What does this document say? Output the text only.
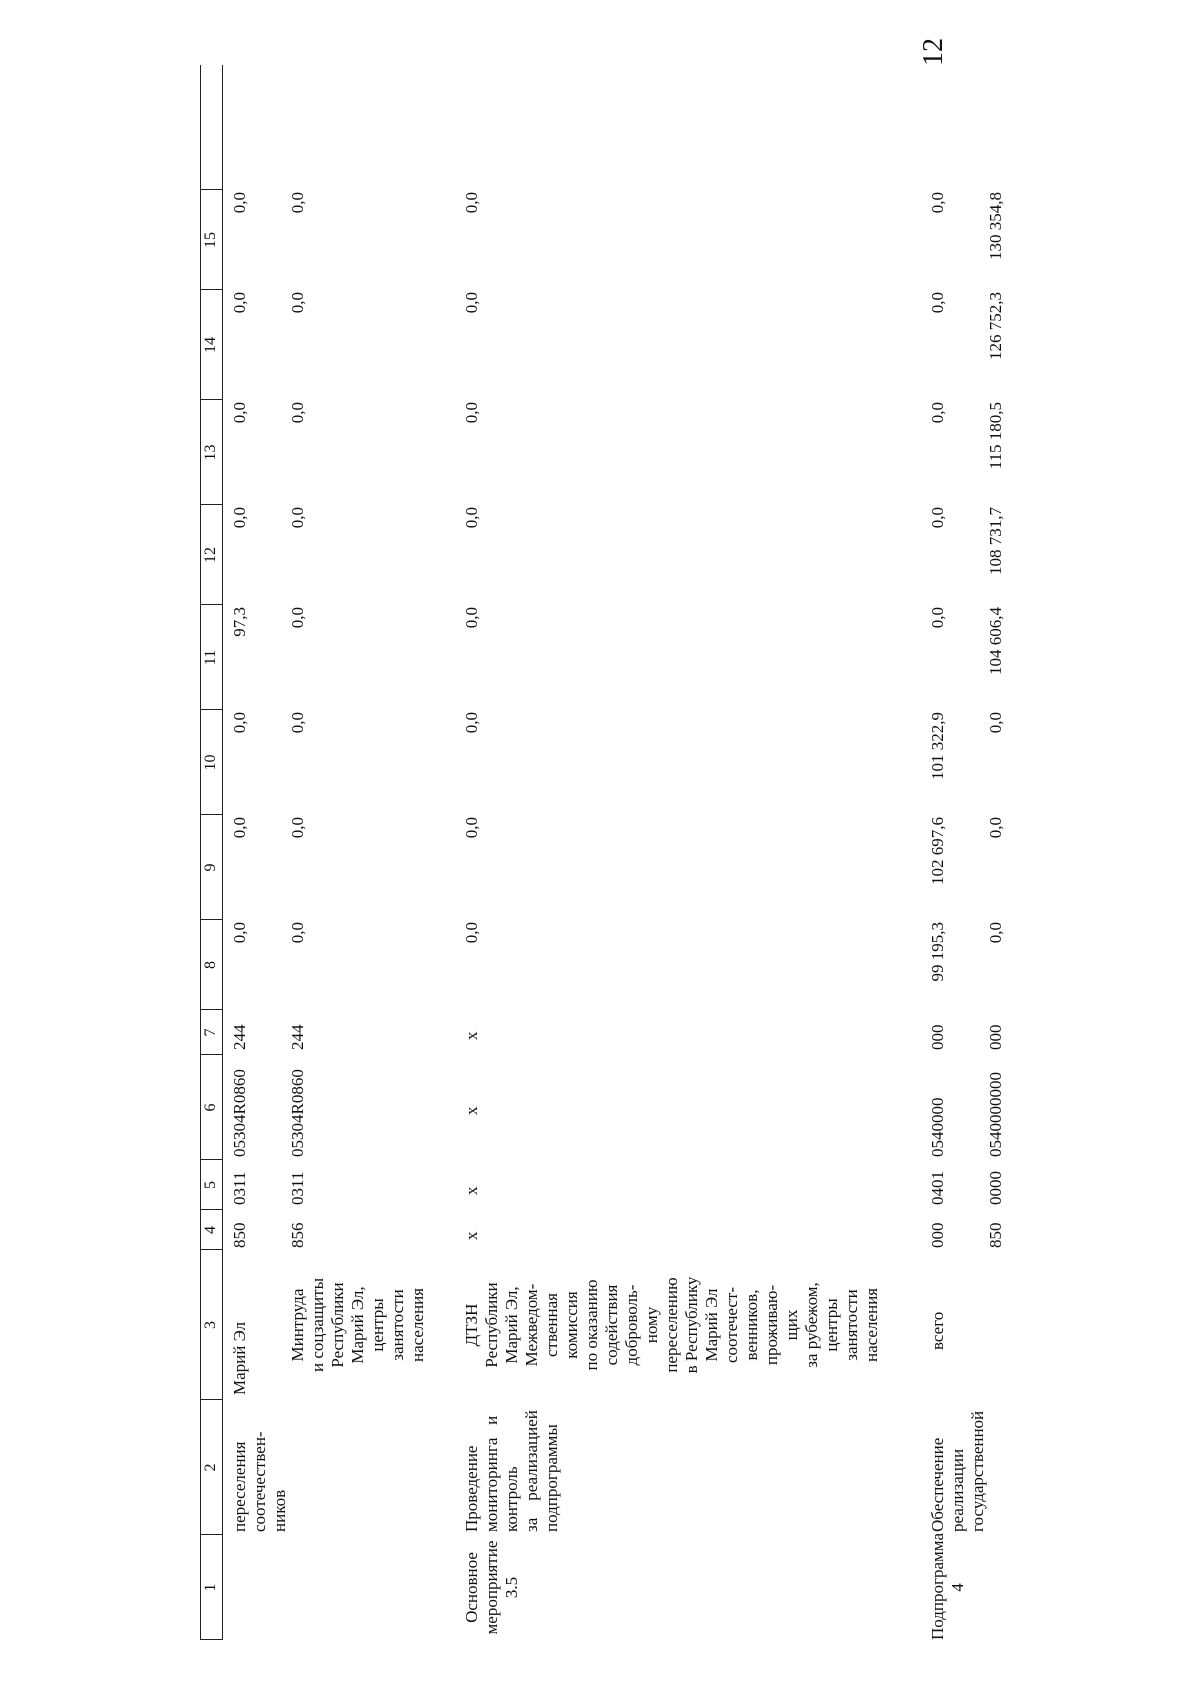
12
1
2
3
4
5
6
7
8
9
10
11
12
13
14
15
переселения
соотечествен-
ников
Марий Эл
850
0311
05304R0860
244
0,0
0,0
0,0
97,3
0,0
0,0
0,0
0,0
Минтруда
и соцзащиты
Республики
Марий Эл,
центры
занятости
населения
856
0311
05304R0860
244
0,0
0,0
0,0
0,0
0,0
0,0
0,0
0,0
Основное
мероприятие
3.5
Проведение
мониторинга   и
контроль
за    реализацией
подпрограммы
ДТЗН
Республики
Марий Эл,
Межведом-
ственная
комиссия
по оказанию
содействия
доброволь-
ному
переселению
в Республику
Марий Эл
соотечест-
венников,
проживаю-
щих
за рубежом,
центры
занятости
населения
x
x
x
x
0,0
0,0
0,0
0,0
0,0
0,0
0,0
0,0
Подпрограмма
4
Обеспечение
реализации
государственной
всего
000
0401
0540000
000
99 195,3
102 697,6
101 322,9
0,0
0,0
0,0
0,0
0,0
850
0000
0540000000
000
0,0
0,0
0,0
104 606,4
108 731,7
115 180,5
126 752,3
130 354,8
